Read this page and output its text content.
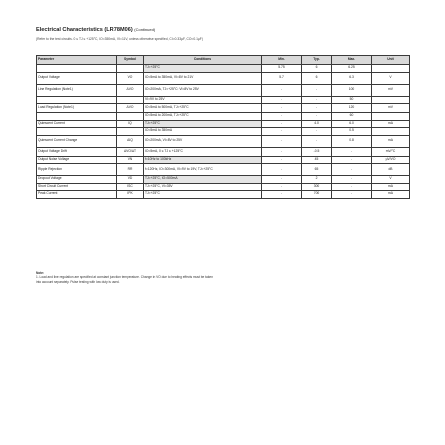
Electrical Characteristics (LR78M06) (Continued)
(Refer to the test circuits. 0 ≤ TJ ≤ +125°C, IO=350mA, VI=11V, unless otherwise specified, CI=0.33µF, CO=0.1µF)
Parameter	Symbol	Conditions	Min.	Typ.	Max.	Unit
		TJ=+25°C	5.75	6	6.25	
Output Voltage	VO	IO=5mA to 350mA, VI=8V to 21V	5.7	6	6.3	V
Line Regulation (Note1)	ΔVO	IO=200mA, TJ=+25°C: VI=8V to 25V	-	-	100	mV
		VI=9V to 25V	-	-	50	
Load Regulation (Note1)	ΔVO	IO=5mA to 500mA, TJ=+25°C	-	-	120	mV
		IO=5mA to 200mA, TJ=+25°C	-	-	60	
Quiescent Current	IQ	TJ=+25°C	-	4.0	6.0	mA
		IO=5mA to 350mA	-	-	0.5	
Quiescent Current Change	ΔIQ	IO=200mA, VI=8V to 25V	-	-	0.8	mA
Output Voltage Drift	ΔVO/ΔT	IO=5mA, 0 ≤ TJ ≤ +125°C	-	-0.5	-	mV/°C
Output Noise Voltage	VN	f=10Hz to 100kHz	-	45	-	µV/VO
Ripple Rejection	RR	f=120Hz, IO=300mA, VI=9V to 19V, TJ=+25°C	-	65	-	dB
Dropout Voltage	VD	TJ=+25°C, IO=500mA	-	2	-	V
Short Circuit Current	ISC	TJ=+25°C, VI=35V	-	300	-	mA
Peak Current	IPK	TJ=+25°C	-	700	-	mA
Note:
1. Load and line regulation are specified at constant junction temperature. Change in VO due to heating effects must be taken
into account separately. Pulse testing with low duty is used.
